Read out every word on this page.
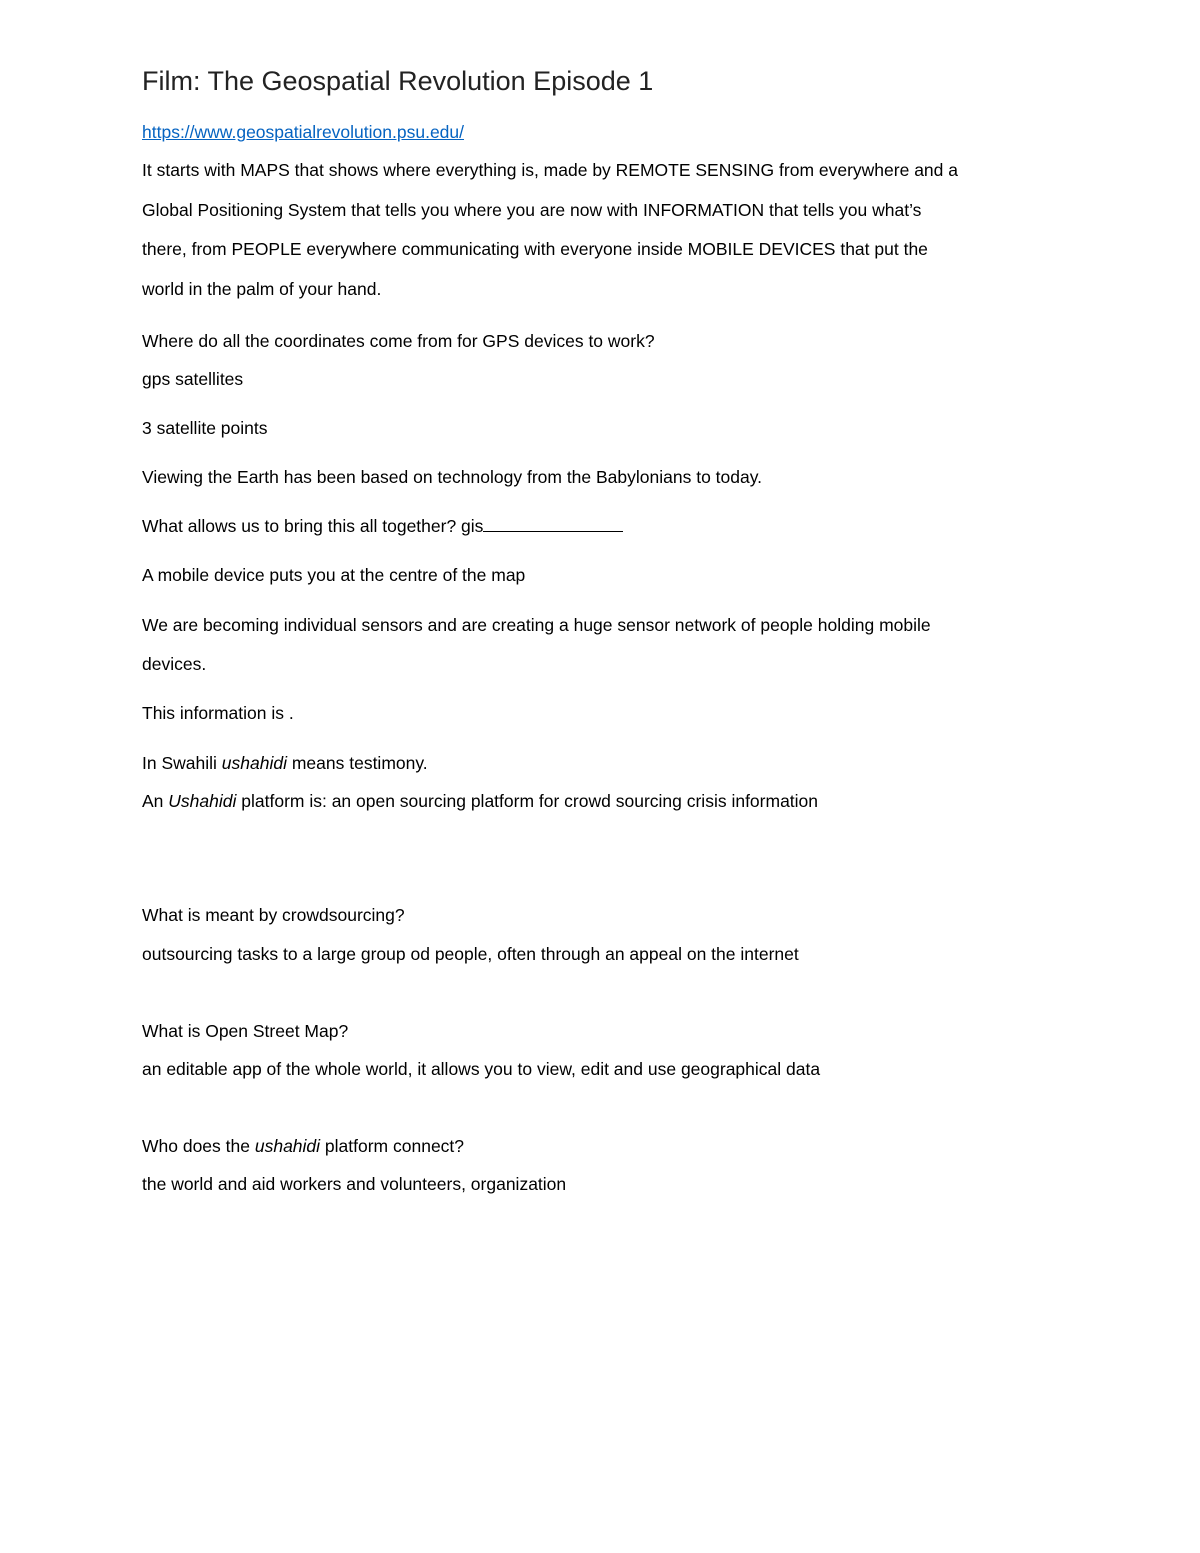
Film: The Geospatial Revolution Episode 1
https://www.geospatialrevolution.psu.edu/
It starts with MAPS that shows where everything is, made by REMOTE SENSING from everywhere and a
Global Positioning System that tells you where you are now with INFORMATION that tells you what’s
there, from PEOPLE everywhere communicating with everyone inside MOBILE DEVICES that put the
world in the palm of your hand.
Where do all the coordinates come from for GPS devices to work?
gps satellites
3 satellite points
Viewing the Earth has been based on technology from the Babylonians to today.
What allows us to bring this all together? gis
A mobile device puts you at the centre of the map
We are becoming individual sensors and are creating a huge sensor network of people holding mobile
devices.
This information is .
In Swahili ushahidi means testimony.
An Ushahidi platform is: an open sourcing platform for crowd sourcing crisis information
What is meant by crowdsourcing?
outsourcing tasks to a large group od people, often through an appeal on the internet
What is Open Street Map?
an editable app of the whole world, it allows you to view, edit and use geographical data
Who does the ushahidi platform connect?
the world and aid workers and volunteers, organization
